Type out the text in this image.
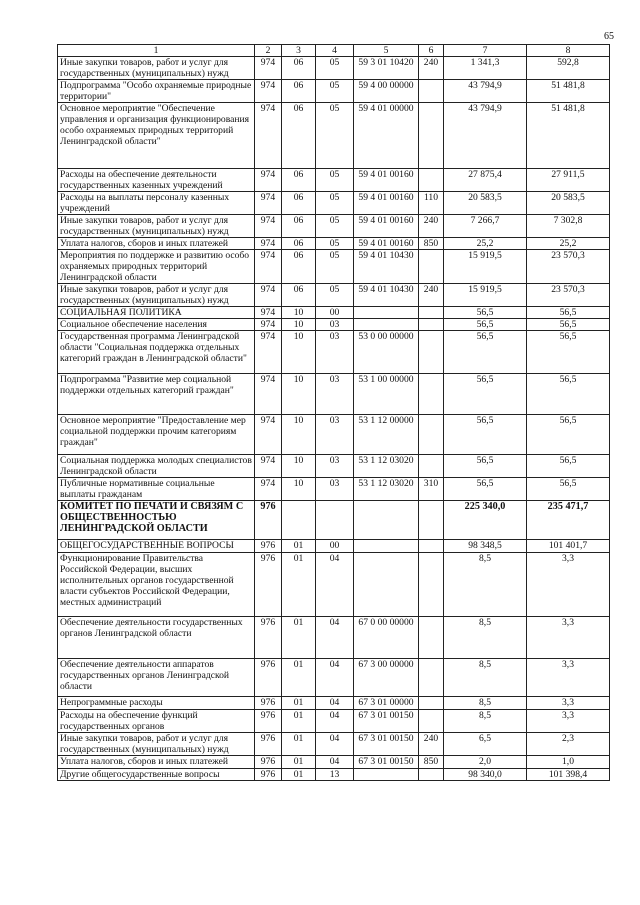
65
1	2	3	4	5	6	7	8
Иные закупки товаров, работ и услуг для государственных (муниципальных) нужд	974	06	05	59 3 01 10420	240	1 341,3	592,8
Подпрограмма "Особо охраняемые природные территории"	974	06	05	59 4 00 00000		43 794,9	51 481,8
Основное мероприятие "Обеспечение управления и организация функционирования особо охраняемых природных территорий Ленинградской области"	974	06	05	59 4 01 00000		43 794,9	51 481,8
Расходы на обеспечение деятельности государственных казенных учреждений	974	06	05	59 4 01 00160		27 875,4	27 911,5
Расходы на выплаты персоналу казенных учреждений	974	06	05	59 4 01 00160	110	20 583,5	20 583,5
Иные закупки товаров, работ и услуг для государственных (муниципальных) нужд	974	06	05	59 4 01 00160	240	7 266,7	7 302,8
Уплата налогов, сборов и иных платежей	974	06	05	59 4 01 00160	850	25,2	25,2
Мероприятия по поддержке и развитию особо охраняемых природных территорий Ленинградской области	974	06	05	59 4 01 10430		15 919,5	23 570,3
Иные закупки товаров, работ и услуг для государственных (муниципальных) нужд	974	06	05	59 4 01 10430	240	15 919,5	23 570,3
СОЦИАЛЬНАЯ ПОЛИТИКА	974	10	00			56,5	56,5
Социальное обеспечение населения	974	10	03			56,5	56,5
Государственная программа Ленинградской области "Социальная поддержка отдельных категорий граждан в Ленинградской области"	974	10	03	53 0 00 00000		56,5	56,5
Подпрограмма "Развитие мер социальной поддержки отдельных категорий граждан"	974	10	03	53 1 00 00000		56,5	56,5
Основное мероприятие "Предоставление мер социальной поддержки прочим категориям граждан"	974	10	03	53 1 12 00000		56,5	56,5
Социальная поддержка молодых специалистов Ленинградской области	974	10	03	53 1 12 03020		56,5	56,5
Публичные нормативные социальные выплаты гражданам	974	10	03	53 1 12 03020	310	56,5	56,5
КОМИТЕТ ПО ПЕЧАТИ И СВЯЗЯМ С ОБЩЕСТВЕННОСТЬЮ ЛЕНИНГРАДСКОЙ ОБЛАСТИ	976					225 340,0	235 471,7
ОБЩЕГОСУДАРСТВЕННЫЕ ВОПРОСЫ	976	01	00			98 348,5	101 401,7
Функционирование Правительства Российской Федерации, высших исполнительных органов государственной власти субъектов Российской Федерации, местных администраций	976	01	04			8,5	3,3
Обеспечение деятельности государственных органов Ленинградской области	976	01	04	67 0 00 00000		8,5	3,3
Обеспечение деятельности аппаратов государственных органов Ленинградской области	976	01	04	67 3 00 00000		8,5	3,3
Непрограммные расходы	976	01	04	67 3 01 00000		8,5	3,3
Расходы на обеспечение функций государственных органов	976	01	04	67 3 01 00150		8,5	3,3
Иные закупки товаров, работ и услуг для государственных (муниципальных) нужд	976	01	04	67 3 01 00150	240	6,5	2,3
Уплата налогов, сборов и иных платежей	976	01	04	67 3 01 00150	850	2,0	1,0
Другие общегосударственные вопросы	976	01	13			98 340,0	101 398,4
